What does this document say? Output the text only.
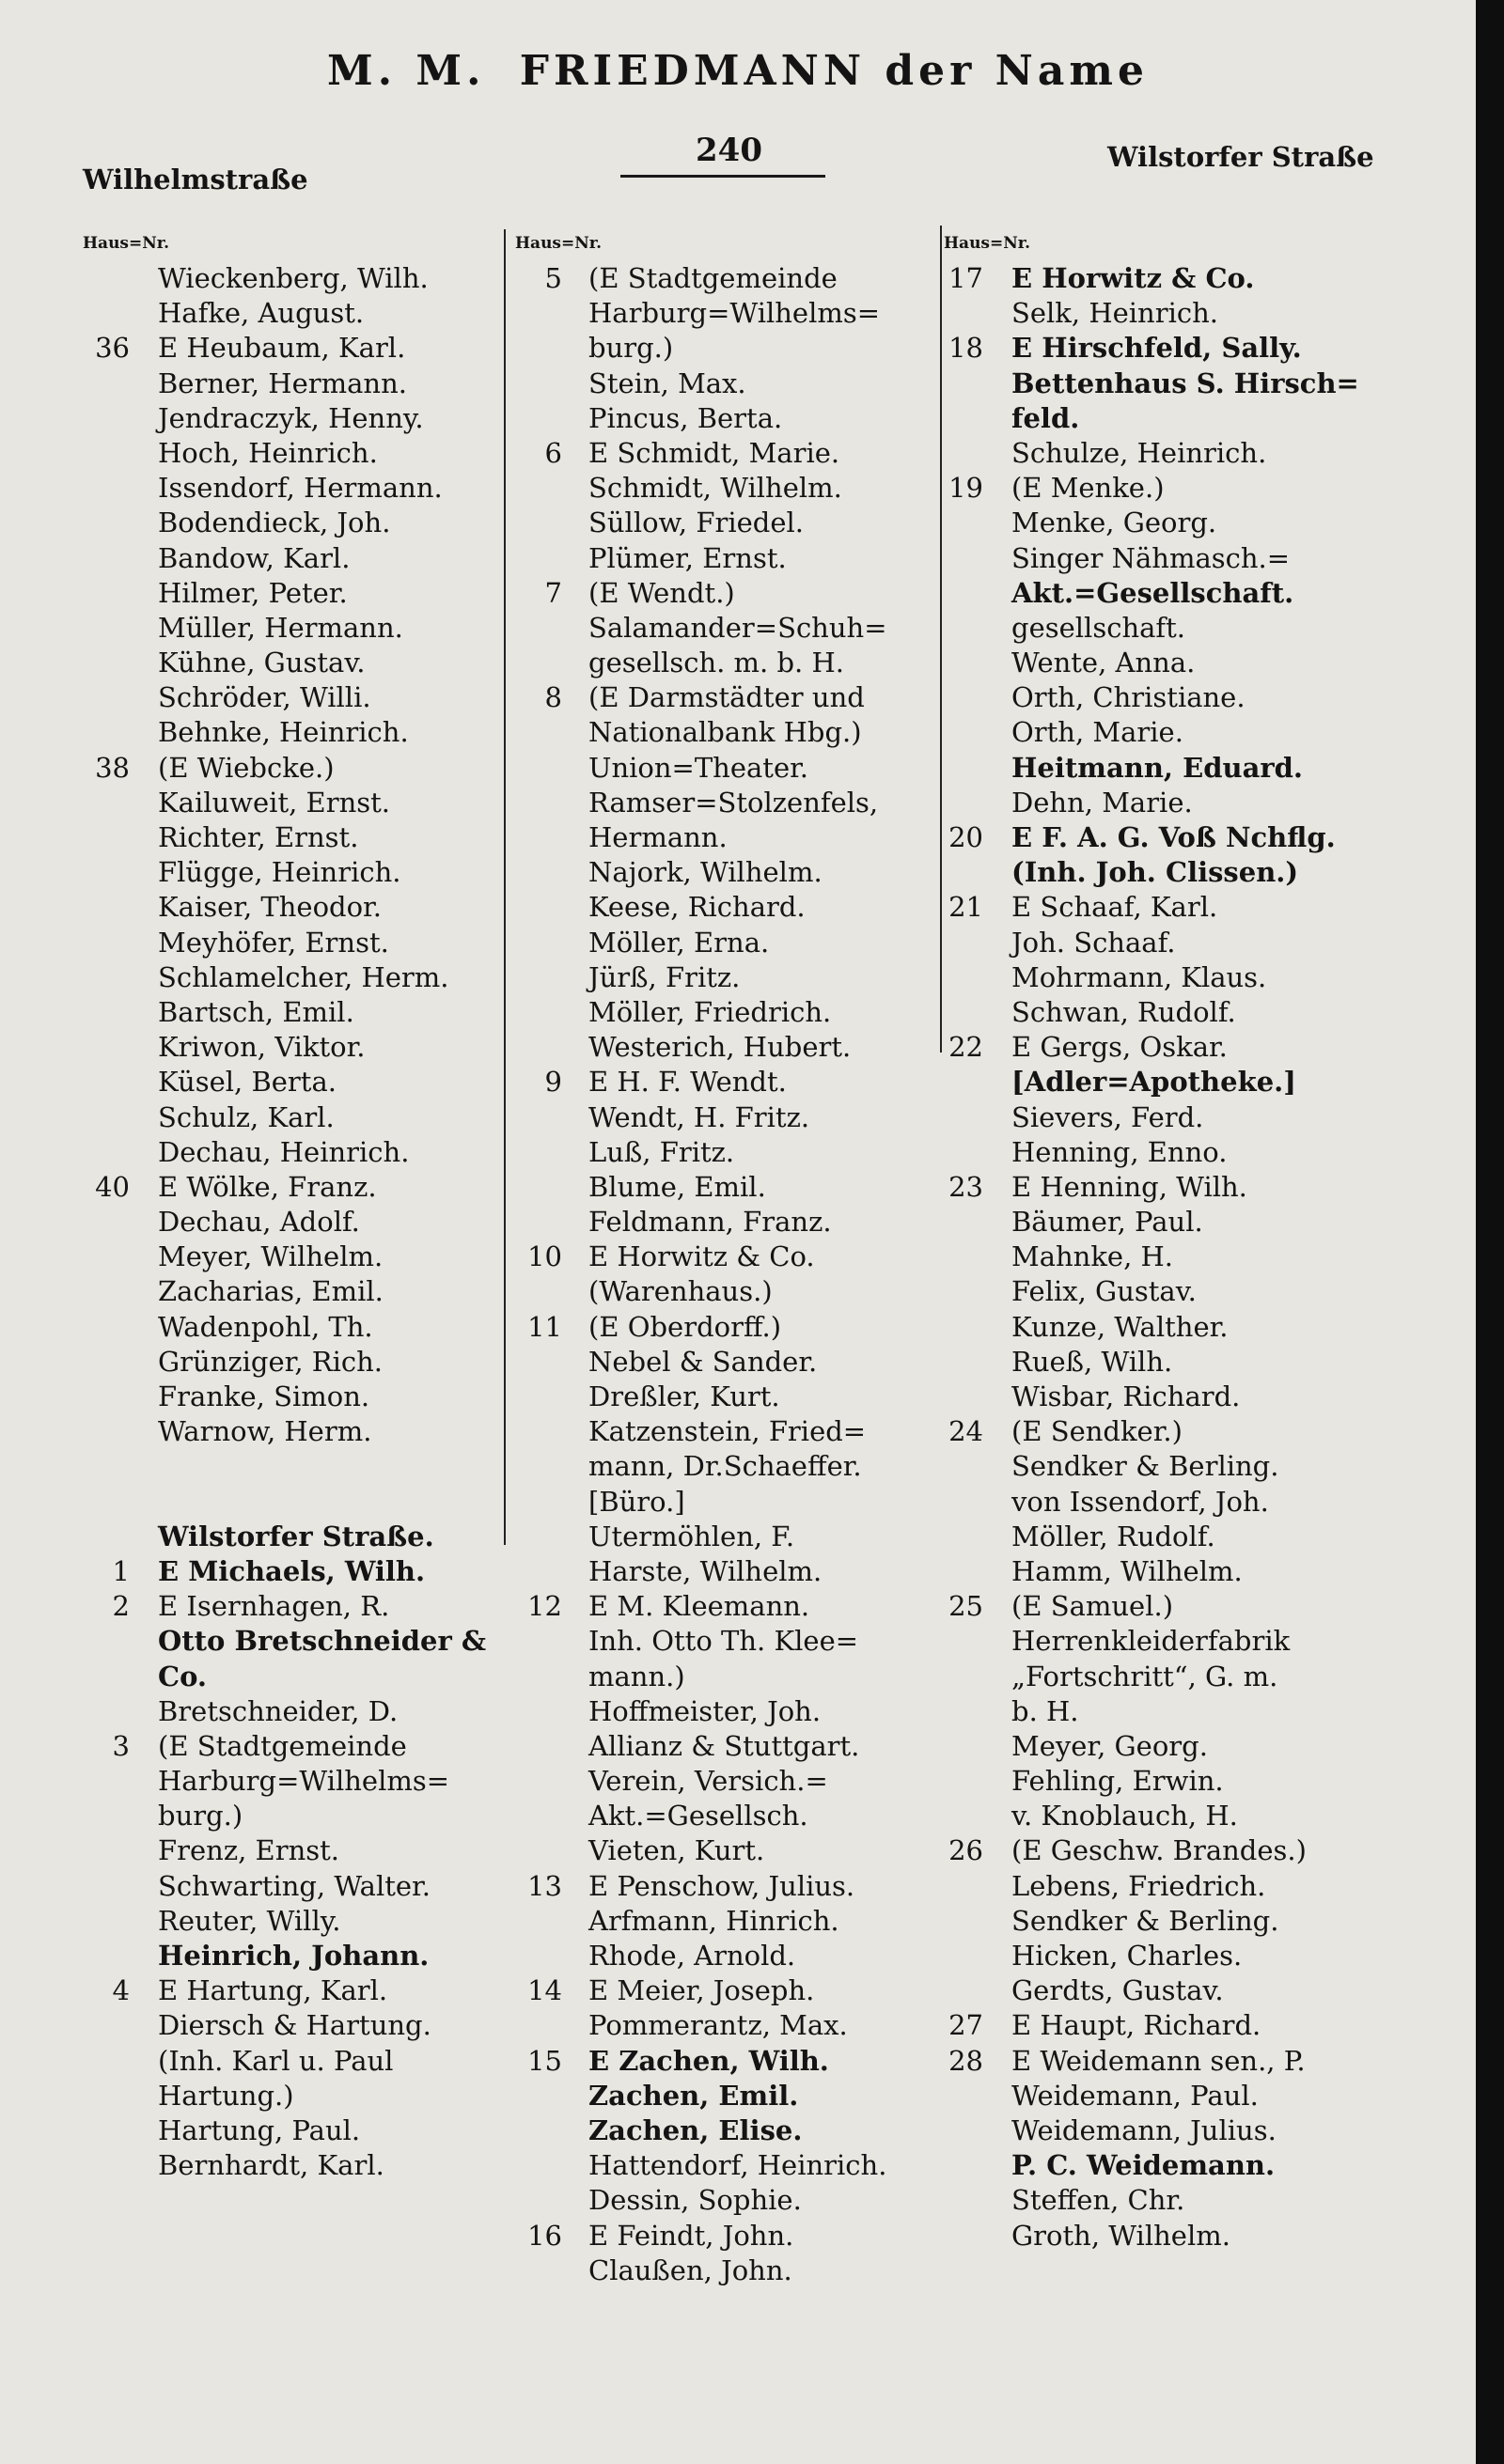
M. M. FRIEDMANN der Name
Wilhelmstraße
240	Wilstorfer Straße
Haus=Nr.
Wieckenberg, Wilh.
Hafke, August.
36 E Heubaum, Karl.
Berner, Hermann.
Jendraczyk, Henny.
Hoch, Heinrich.
Issendorf, Hermann.
Bodendieck, Joh.
Bandow, Karl.
Hilmer, Peter.
Müller, Hermann.
Kühne, Gustav.
Schröder, Willi.
Behnke, Heinrich.
38 (E Wiebcke.)
Kailuweit, Ernst.
Richter, Ernst.
Flügge, Heinrich.
Kaiser, Theodor.
Meyhöfer, Ernst.
Schlamelcher, Herm.
Bartsch, Emil.
Kriwon, Viktor.
Küsel, Berta.
Schulz, Karl.
Dechau, Heinrich.
40 E Wölke, Franz.
Dechau, Adolf.
Meyer, Wilhelm.
Zacharias, Emil.
Wadenpohl, Th.
Grünziger, Rich.
Franke, Simon.
Warnow, Herm.
Wilstorfer Straße.
1 E Michaels, Wilh.
2 E Isernhagen, R.
Otto Bretschneider &
Co.
Bretschneider, D.
3 (E Stadtgemeinde
Harburg=Wilhelms=
burg.)
Frenz, Ernst.
Schwarting, Walter.
Reuter, Willy.
Heinrich, Johann.
4 E Hartung, Karl.
Diersch & Hartung.
(Inh. Karl u. Paul
Hartung.)
Hartung, Paul.
Bernhardt, Karl.
Haus=Nr.
5 (E Stadtgemeinde
Harburg=Wilhelms=
burg.)
Stein, Max.
Pincus, Berta.
6 E Schmidt, Marie.
Schmidt, Wilhelm.
Süllow, Friedel.
Plümer, Ernst.
7 (E Wendt.)
Salamander=Schuh=
gesellsch. m. b. H.
8 (E Darmstädter und
Nationalbank Hbg.)
Union=Theater.
Ramser=Stolzenfels,
Hermann.
Najork, Wilhelm.
Keese, Richard.
Möller, Erna.
Jürß, Fritz.
Möller, Friedrich.
Westerich, Hubert.
9 E H. F. Wendt.
Wendt, H. Fritz.
Luß, Fritz.
Blume, Emil.
Feldmann, Franz.
10 E Horwitz & Co.
(Warenhaus.)
11 (E Oberdorff.)
Nebel & Sander.
Dreßler, Kurt.
Katzenstein, Fried=
mann, Dr.Schaeffer.
[Büro.]
Utermöhlen, F.
Harste, Wilhelm.
12 E M. Kleemann.
Inh. Otto Th. Klee=
mann.)
Hoffmeister, Joh.
Allianz & Stuttgart.
Verein, Versich.=
Akt.=Gesellsch.
Vieten, Kurt.
13 E Penschow, Julius.
Arfmann, Hinrich.
Rhode, Arnold.
14 E Meier, Joseph.
Pommerantz, Max.
15 E Zachen, Wilh.
Zachen, Emil.
Zachen, Elise.
Hattendorf, Heinrich.
Dessin, Sophie.
16 E Feindt, John.
Claußen, John.
Haus=Nr.
17 E Horwitz & Co.
Selk, Heinrich.
18 E Hirschfeld, Sally.
Bettenhaus S. Hirsch=
feld.
Schulze, Heinrich.
19 (E Menke.)
Menke, Georg.
Singer Nähmasch.=
Akt.=Gesellschaft.
gesellschaft.
Wente, Anna.
Orth, Christiane.
Orth, Marie.
Heitmann, Eduard.
Dehn, Marie.
20 E F. A. G. Voß Nchflg.
(Inh. Joh. Clissen.)
21 E Schaaf, Karl.
Joh. Schaaf.
Mohrmann, Klaus.
Schwan, Rudolf.
22 E Gergs, Oskar.
[Adler=Apotheke.]
Sievers, Ferd.
Henning, Enno.
23 E Henning, Wilh.
Bäumer, Paul.
Mahnke, H.
Felix, Gustav.
Kunze, Walther.
Rueß, Wilh.
Wisbar, Richard.
24 (E Sendker.)
Sendker & Berling.
von Issendorf, Joh.
Möller, Rudolf.
Hamm, Wilhelm.
25 (E Samuel.)
Herrenkleiderfabrik
„Fortschritt“, G. m.
b. H.
Meyer, Georg.
Fehling, Erwin.
v. Knoblauch, H.
26 (E Geschw. Brandes.)
Lebens, Friedrich.
Sendker & Berling.
Hicken, Charles.
Gerdts, Gustav.
27 E Haupt, Richard.
28 E Weidemann sen., P.
Weidemann, Paul.
Weidemann, Julius.
P. C. Weidemann.
Steffen, Chr.
Groth, Wilhelm.
